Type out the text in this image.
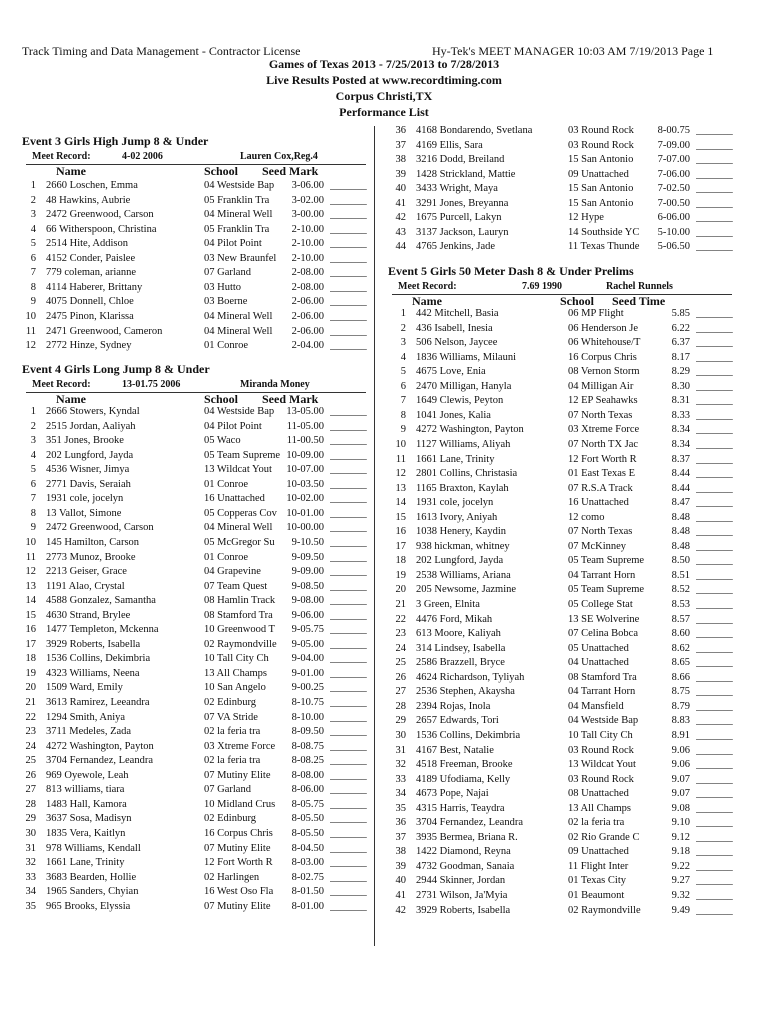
Track Timing and Data Management - Contractor License	Hy-Tek's MEET MANAGER 10:03 AM 7/19/2013 Page 1
Games of Texas 2013 - 7/25/2013 to 7/28/2013
Live Results Posted at www.recordtiming.com
Corpus Christi,TX
Performance List
Event 3 Girls High Jump 8 & Under
Meet Record:	4-02 2006	Lauren Cox,Reg.4
Name	School Seed Mark
1 2660 Loschen, Emma	04 Westside Bap	3-06.00 _______
2 48 Hawkins, Aubrie	05 Franklin Tra	3-02.00 _______
3 2472 Greenwood, Carson	04 Mineral Well	3-00.00 _______
4 66 Witherspoon, Christina	05 Franklin Tra	2-10.00 _______
5 2514 Hite, Addison	04 Pilot Point	2-10.00 _______
6 4152 Conder, Paislee	03 New Braunfel	2-10.00 _______
7 779 coleman, arianne	07 Garland	2-08.00 _______
8 4114 Haberer, Brittany	03 Hutto	2-08.00 _______
9 4075 Donnell, Chloe	03 Boerne	2-06.00 _______
10 2475 Pinon, Klarissa	04 Mineral Well	2-06.00 _______
11 2471 Greenwood, Cameron	04 Mineral Well	2-06.00 _______
12 2772 Hinze, Sydney	01 Conroe	2-04.00 _______
Event 4 Girls Long Jump 8 & Under
Meet Record:	13-01.75 2006	Miranda Money
Name	School Seed Mark
1 2666 Stowers, Kyndal	04 Westside Bap	13-05.00 _______
2 2515 Jordan, Aaliyah	04 Pilot Point	11-05.00 _______
3 351 Jones, Brooke	05 Waco	11-00.50 _______
4 202 Lungford, Jayda	05 Team Supreme 10-09.00 _______
5 4536 Wisner, Jimya	13 Wildcat Yout	10-07.00 _______
6 2771 Davis, Seraiah	01 Conroe	10-03.50 _______
7 1931 cole, jocelyn	16 Unattached	10-02.00 _______
8 13 Vallot, Simone	05 Copperas Cov 10-01.00 _______
9 2472 Greenwood, Carson	04 Mineral Well	10-00.00 _______
10 145 Hamilton, Carson	05 McGregor Su	9-10.50 _______
11 2773 Munoz, Brooke	01 Conroe	9-09.50 _______
12 2213 Geiser, Grace	04 Grapevine	9-09.00 _______
13 1191 Alao, Crystal	07 Team Quest	9-08.50 _______
14 4588 Gonzalez, Samantha	08 Hamlin Track	9-08.00 _______
15 4630 Strand, Brylee	08 Stamford Tra	9-06.00 _______
16 1477 Templeton, Mckenna	10 Greenwood T	9-05.75 _______
17 3929 Roberts, Isabella	02 Raymondville	9-05.00 _______
18 1536 Collins, Dekimbria	10 Tall City Ch	9-04.00 _______
19 4323 Williams, Neena	13 All Champs	9-01.00 _______
20 1509 Ward, Emily	10 San Angelo	9-00.25 _______
21 3613 Ramirez, Leeandra	02 Edinburg	8-10.75 _______
22 1294 Smith, Aniya	07 VA Stride	8-10.00 _______
23 3711 Medeles, Zada	02 la feria tra	8-09.50 _______
24 4272 Washington, Payton	03 Xtreme Force	8-08.75 _______
25 3704 Fernandez, Leandra	02 la feria tra	8-08.25 _______
26 969 Oyewole, Leah	07 Mutiny Elite	8-08.00 _______
27 813 williams, tiara	07 Garland	8-06.00 _______
28 1483 Hall, Kamora	10 Midland Crus	8-05.75 _______
29 3637 Sosa, Madisyn	02 Edinburg	8-05.50 _______
30 1835 Vera, Kaitlyn	16 Corpus Chris	8-05.50 _______
31 978 Williams, Kendall	07 Mutiny Elite	8-04.50 _______
32 1661 Lane, Trinity	12 Fort Worth R	8-03.00 _______
33 3683 Bearden, Hollie	02 Harlingen	8-02.75 _______
34 1965 Sanders, Chyian	16 West Oso Fla	8-01.50 _______
35 965 Brooks, Elyssia	07 Mutiny Elite	8-01.00 _______
36 4168 Bondarendo, Svetlana	03 Round Rock	8-00.75 _______
37 4169 Ellis, Sara	03 Round Rock	7-09.00 _______
38 3216 Dodd, Breiland	15 San Antonio	7-07.00 _______
39 1428 Strickland, Mattie	09 Unattached	7-06.00 _______
40 3433 Wright, Maya	15 San Antonio	7-02.50 _______
41 3291 Jones, Breyanna	15 San Antonio	7-00.50 _______
42 1675 Purcell, Lakyn	12 Hype	6-06.00 _______
43 3137 Jackson, Lauryn	14 Southside YC	5-10.00 _______
44 4765 Jenkins, Jade	11 Texas Thunde	5-06.50 _______
Event 5 Girls 50 Meter Dash 8 & Under Prelims
Meet Record:	7.69 1990	Rachel Runnels
Name	School Seed Time
1 442 Mitchell, Basia	06 MP Flight	5.85 _______
2 436 Isabell, Inesia	06 Henderson Je	6.22 _______
3 506 Nelson, Jaycee	06 Whitehouse/T	6.37 _______
4 1836 Williams, Milauni	16 Corpus Chris	8.17 _______
5 4675 Love, Enia	08 Vernon Storm	8.29 _______
6 2470 Milligan, Hanyla	04 Milligan Air	8.30 _______
7 1649 Clewis, Peyton	12 EP Seahawks	8.31 _______
8 1041 Jones, Kalia	07 North Texas	8.33 _______
9 4272 Washington, Payton	03 Xtreme Force	8.34 _______
10 1127 Williams, Aliyah	07 North TX Jac	8.34 _______
11 1661 Lane, Trinity	12 Fort Worth R	8.37 _______
12 2801 Collins, Christasia	01 East Texas E	8.44 _______
13 1165 Braxton, Kaylah	07 R.S.A Track	8.44 _______
14 1931 cole, jocelyn	16 Unattached	8.47 _______
15 1613 Ivory, Aniyah	12 como	8.48 _______
16 1038 Henery, Kaydin	07 North Texas	8.48 _______
17 938 hickman, whitney	07 McKinney	8.48 _______
18 202 Lungford, Jayda	05 Team Supreme	8.50 _______
19 2538 Williams, Ariana	04 Tarrant Horn	8.51 _______
20 205 Newsome, Jazmine	05 Team Supreme	8.52 _______
21 3 Green, Elnita	05 College Stat	8.53 _______
22 4476 Ford, Mikah	13 SE Wolverine	8.57 _______
23 613 Moore, Kaliyah	07 Celina Bobca	8.60 _______
24 314 Lindsey, Isabella	05 Unattached	8.62 _______
25 2586 Brazzell, Bryce	04 Unattached	8.65 _______
26 4624 Richardson, Tyliyah	08 Stamford Tra	8.66 _______
27 2536 Stephen, Akaysha	04 Tarrant Horn	8.75 _______
28 2394 Rojas, Inola	04 Mansfield	8.79 _______
29 2657 Edwards, Tori	04 Westside Bap	8.83 _______
30 1536 Collins, Dekimbria	10 Tall City Ch	8.91 _______
31 4167 Best, Natalie	03 Round Rock	9.06 _______
32 4518 Freeman, Brooke	13 Wildcat Yout	9.06 _______
33 4189 Ufodiama, Kelly	03 Round Rock	9.07 _______
34 4673 Pope, Najai	08 Unattached	9.07 _______
35 4315 Harris, Teaydra	13 All Champs	9.08 _______
36 3704 Fernandez, Leandra	02 la feria tra	9.10 _______
37 3935 Bermea, Briana R.	02 Rio Grande C	9.12 _______
38 1422 Diamond, Reyna	09 Unattached	9.18 _______
39 4732 Goodman, Sanaia	11 Flight Inter	9.22 _______
40 2944 Skinner, Jordan	01 Texas City	9.27 _______
41 2731 Wilson, Ja'Myia	01 Beaumont	9.32 _______
42 3929 Roberts, Isabella	02 Raymondville	9.49 _______
